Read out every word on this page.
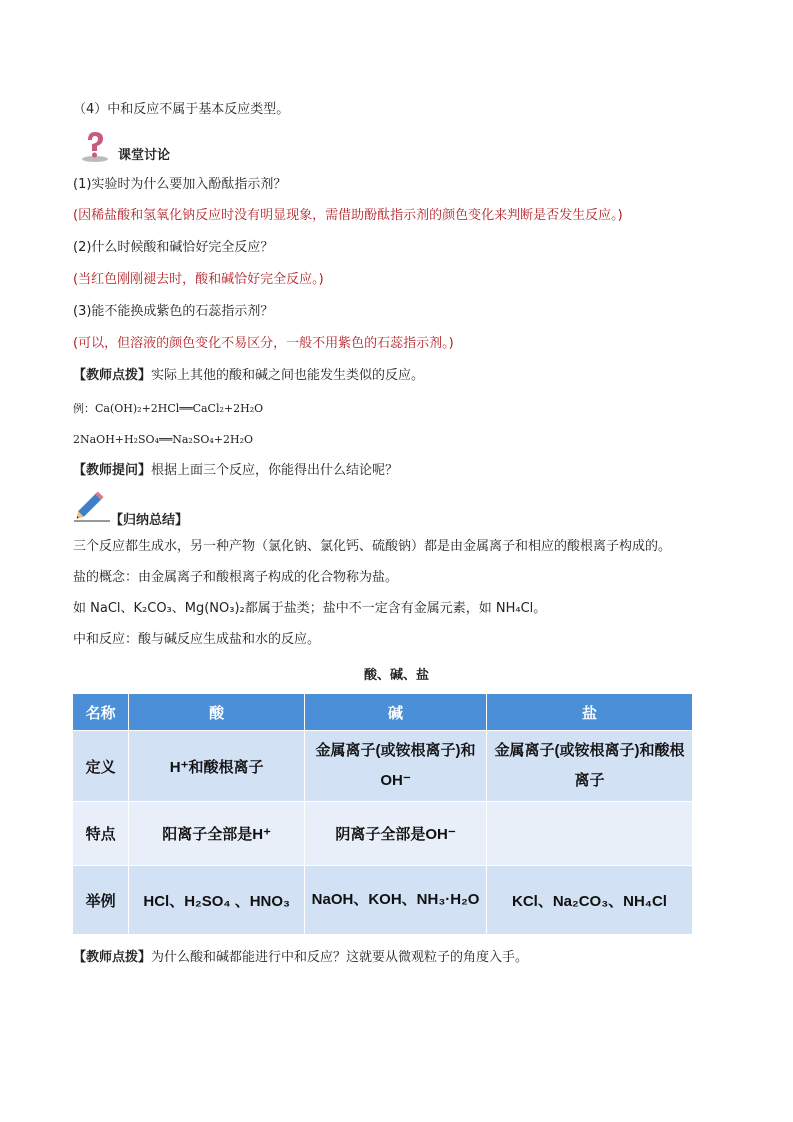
（4）中和反应不属于基本反应类型。
课堂讨论
(1)实验时为什么要加入酚酞指示剂？
(因稀盐酸和氢氧化钠反应时没有明显现象，需借助酚酞指示剂的颜色变化来判断是否发生反应。)
(2)什么时候酸和碱恰好完全反应？
(当红色刚刚褪去时，酸和碱恰好完全反应。)
(3)能不能换成紫色的石蕊指示剂？
(可以，但溶液的颜色变化不易区分，一般不用紫色的石蕊指示剂。)
【教师点拨】实际上其他的酸和碱之间也能发生类似的反应。
例：Ca(OH)₂+2HCl══CaCl₂+2H₂O
2NaOH+H₂SO₄══Na₂SO₄+2H₂O
【教师提问】根据上面三个反应，你能得出什么结论呢？
【归纳总结】
三个反应都生成水，另一种产物（氯化钠、氯化钙、硫酸钠）都是由金属离子和相应的酸根离子构成的。
盐的概念：由金属离子和酸根离子构成的化合物称为盐。
如 NaCl、K₂CO₃、Mg(NO₃)₂都属于盐类；盐中不一定含有金属元素，如 NH₄Cl。
中和反应：酸与碱反应生成盐和水的反应。
酸、碱、盐
名称	酸	碱	盐
定义	H⁺和酸根离子	金属离子(或铵根离子)和OH⁻	金属离子(或铵根离子)和酸根离子
特点	阳离子全部是H⁺	阴离子全部是OH⁻	
举例	HCl、H₂SO₄ 、HNO₃	NaOH、KOH、NH₃·H₂O	KCl、Na₂CO₃、NH₄Cl
【教师点拨】为什么酸和碱都能进行中和反应？这就要从微观粒子的角度入手。
